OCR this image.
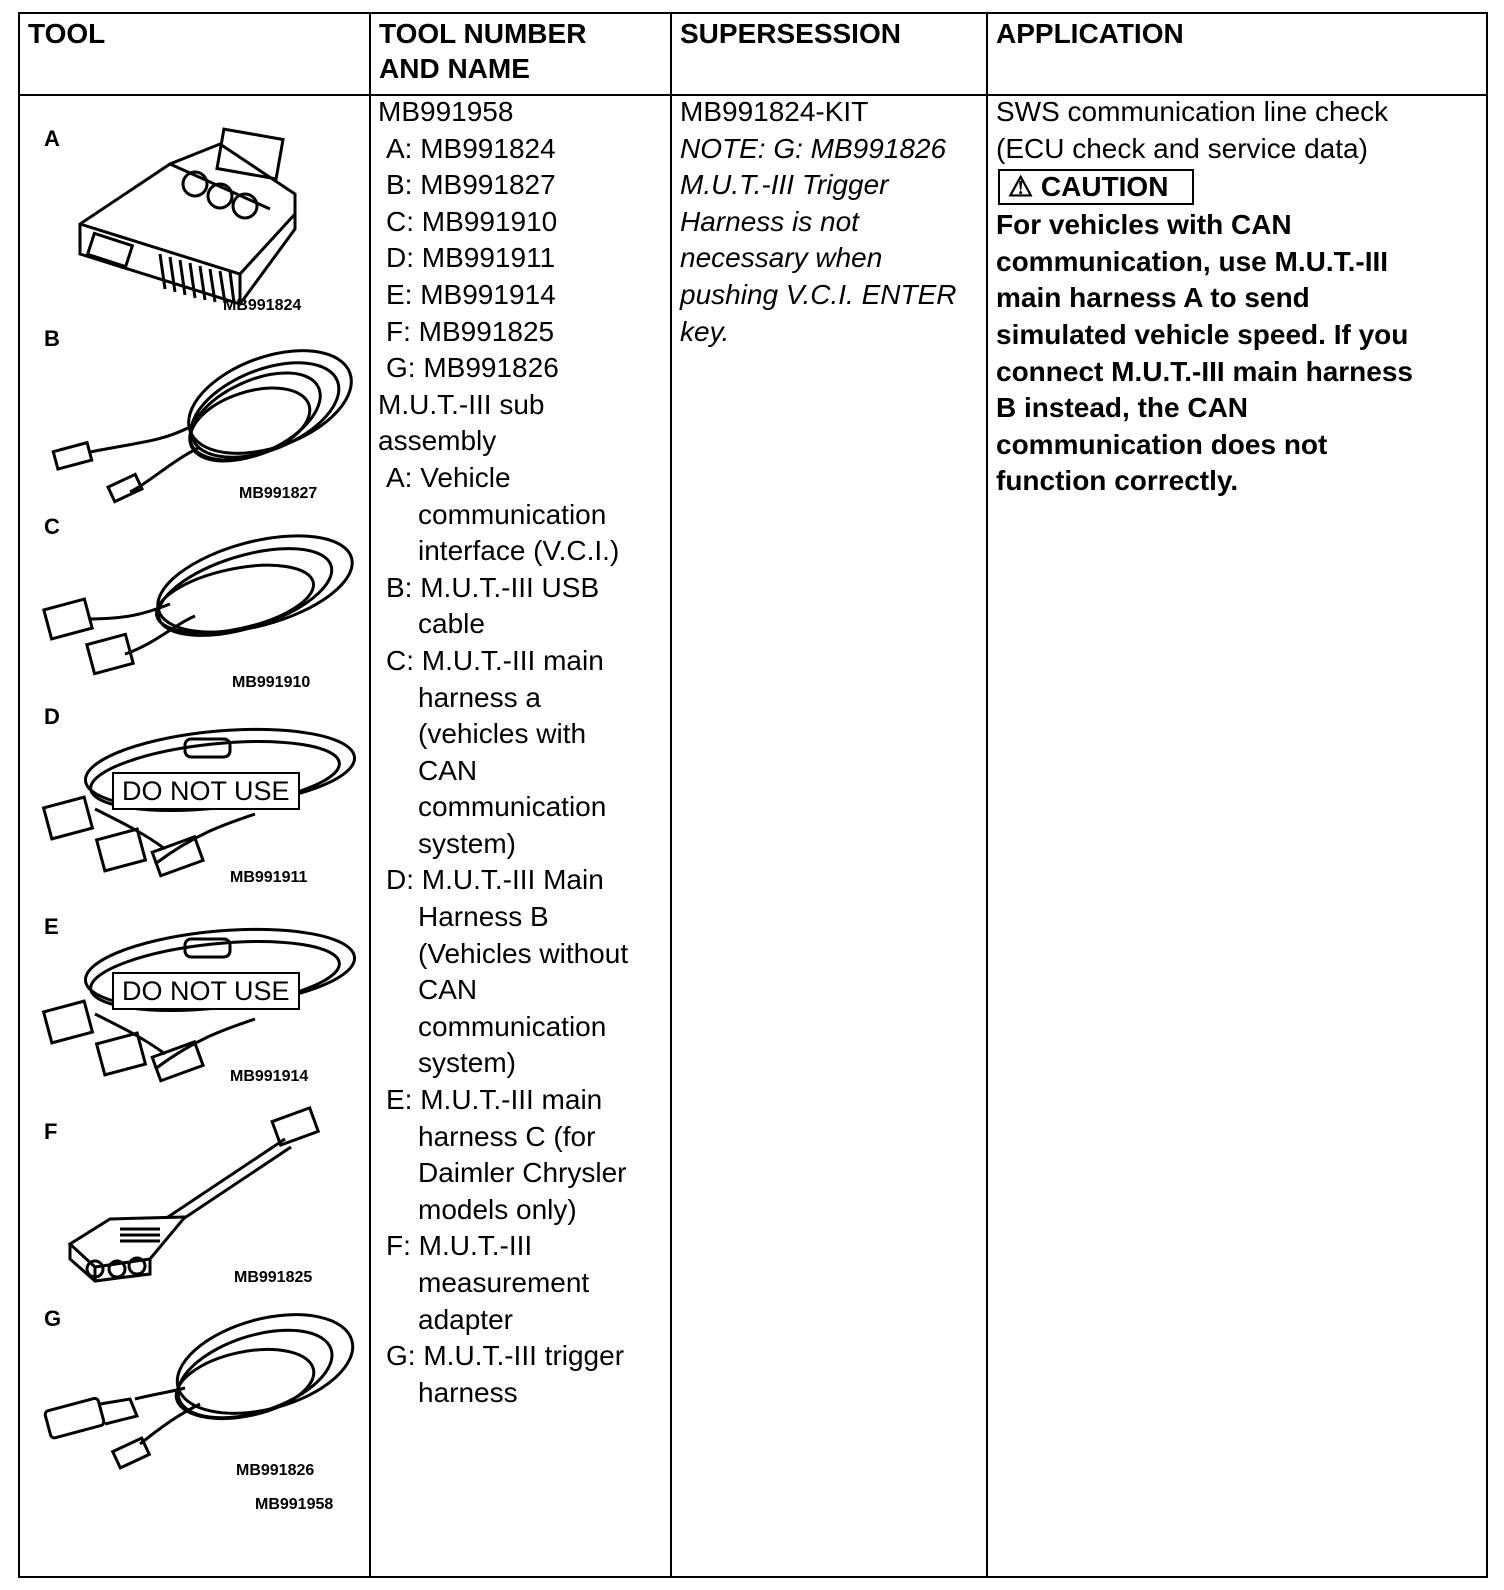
TOOL	TOOL NUMBER
AND NAME
SUPERSESSION	APPLICATION
A
MB991824
B
MB991827
C
MB991910
D
DO NOT USE
MB991911
E
DO NOT USE
MB991914
F
MB991825
G
MB991826
MB991958
MB991958
A: MB991824
B: MB991827
C: MB991910
D: MB991911
E: MB991914
F: MB991825
G: MB991826
M.U.T.-III sub
assembly
A: Vehicle
communication
interface (V.C.I.)
B: M.U.T.-III USB
cable
C: M.U.T.-III main
harness a
(vehicles with
CAN
communication
system)
D: M.U.T.-III Main
Harness B
(Vehicles without
CAN
communication
system)
E: M.U.T.-III main
harness C (for
Daimler Chrysler
models only)
F: M.U.T.-III
measurement
adapter
G: M.U.T.-III trigger
harness
MB991824-KIT
NOTE: G: MB991826
M.U.T.-III Trigger
Harness is not
necessary when
pushing V.C.I. ENTER
key.
SWS communication line check
(ECU check and service data)
⚠ CAUTION
For vehicles with CAN
communication, use M.U.T.-III
main harness A to send
simulated vehicle speed. If you
connect M.U.T.-III main harness
B instead, the CAN
communication does not
function correctly.
